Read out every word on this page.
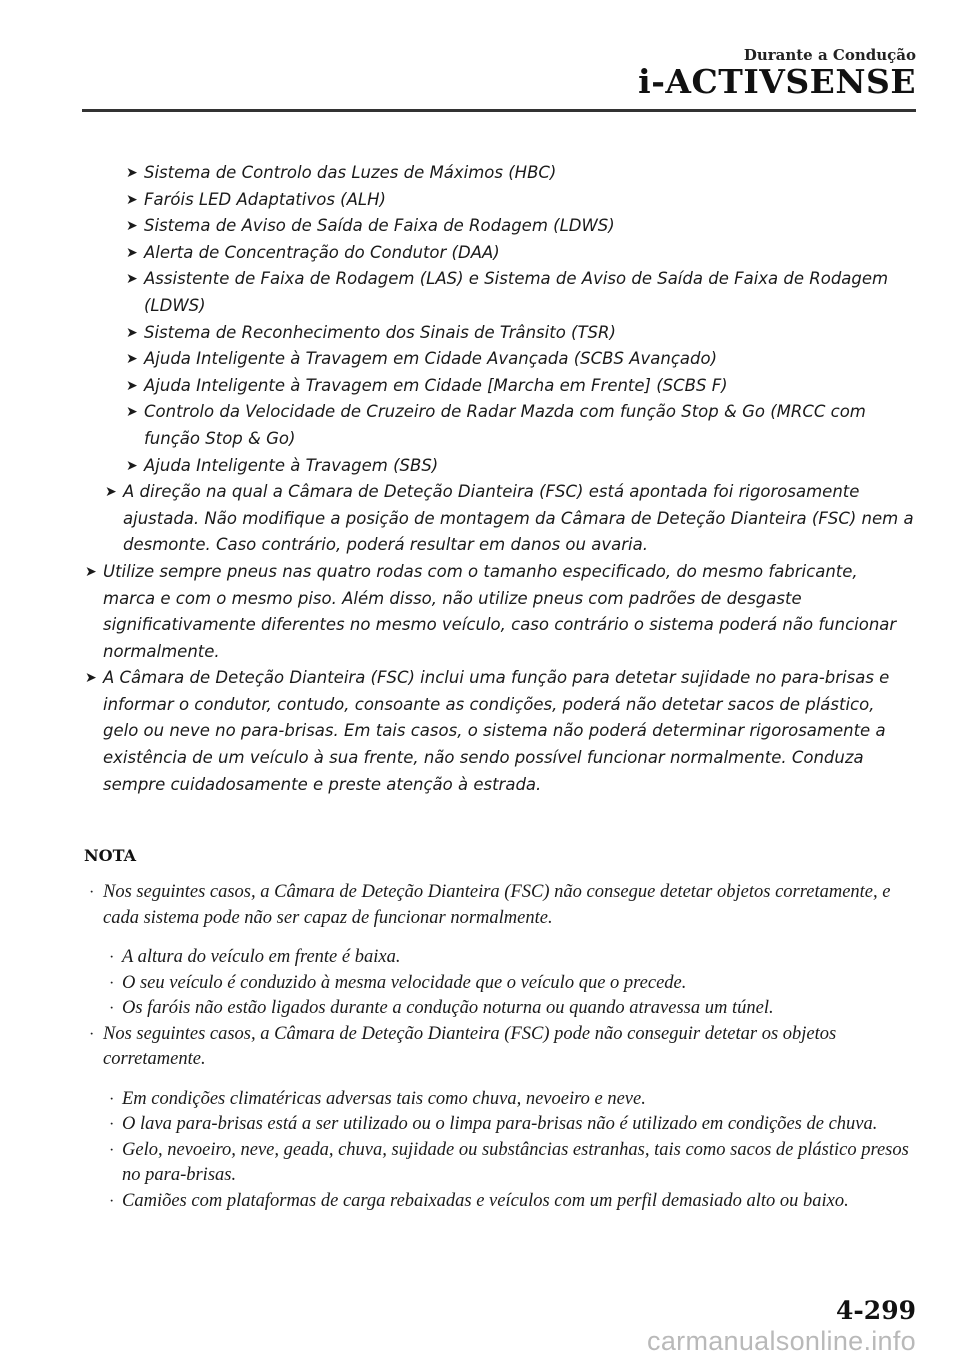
Durante a Condução
i-ACTIVSENSE
➤ Sistema de Controlo das Luzes de Máximos (HBC)
➤ Faróis LED Adaptativos (ALH)
➤ Sistema de Aviso de Saída de Faixa de Rodagem (LDWS)
➤ Alerta de Concentração do Condutor (DAA)
➤ Assistente de Faixa de Rodagem (LAS) e Sistema de Aviso de Saída de Faixa de Rodagem (LDWS)
➤ Sistema de Reconhecimento dos Sinais de Trânsito (TSR)
➤ Ajuda Inteligente à Travagem em Cidade Avançada (SCBS Avançado)
➤ Ajuda Inteligente à Travagem em Cidade [Marcha em Frente] (SCBS F)
➤ Controlo da Velocidade de Cruzeiro de Radar Mazda com função Stop & Go (MRCC com função Stop & Go)
➤ Ajuda Inteligente à Travagem (SBS)
➤ A direção na qual a Câmara de Deteção Dianteira (FSC) está apontada foi rigorosamente ajustada. Não modifique a posição de montagem da Câmara de Deteção Dianteira (FSC) nem a desmonte. Caso contrário, poderá resultar em danos ou avaria.
➤ Utilize sempre pneus nas quatro rodas com o tamanho especificado, do mesmo fabricante, marca e com o mesmo piso. Além disso, não utilize pneus com padrões de desgaste significativamente diferentes no mesmo veículo, caso contrário o sistema poderá não funcionar normalmente.
➤ A Câmara de Deteção Dianteira (FSC) inclui uma função para detetar sujidade no para-brisas e informar o condutor, contudo, consoante as condições, poderá não detetar sacos de plástico, gelo ou neve no para-brisas. Em tais casos, o sistema não poderá determinar rigorosamente a existência de um veículo à sua frente, não sendo possível funcionar normalmente. Conduza sempre cuidadosamente e preste atenção à estrada.
NOTA
· Nos seguintes casos, a Câmara de Deteção Dianteira (FSC) não consegue detetar objetos corretamente, e cada sistema pode não ser capaz de funcionar normalmente.
· A altura do veículo em frente é baixa.
· O seu veículo é conduzido à mesma velocidade que o veículo que o precede.
· Os faróis não estão ligados durante a condução noturna ou quando atravessa um túnel.
· Nos seguintes casos, a Câmara de Deteção Dianteira (FSC) pode não conseguir detetar os objetos corretamente.
· Em condições climatéricas adversas tais como chuva, nevoeiro e neve.
· O lava para-brisas está a ser utilizado ou o limpa para-brisas não é utilizado em condições de chuva.
· Gelo, nevoeiro, neve, geada, chuva, sujidade ou substâncias estranhas, tais como sacos de plástico presos no para-brisas.
· Camiões com plataformas de carga rebaixadas e veículos com um perfil demasiado alto ou baixo.
4-299
carmanualsonline.info
